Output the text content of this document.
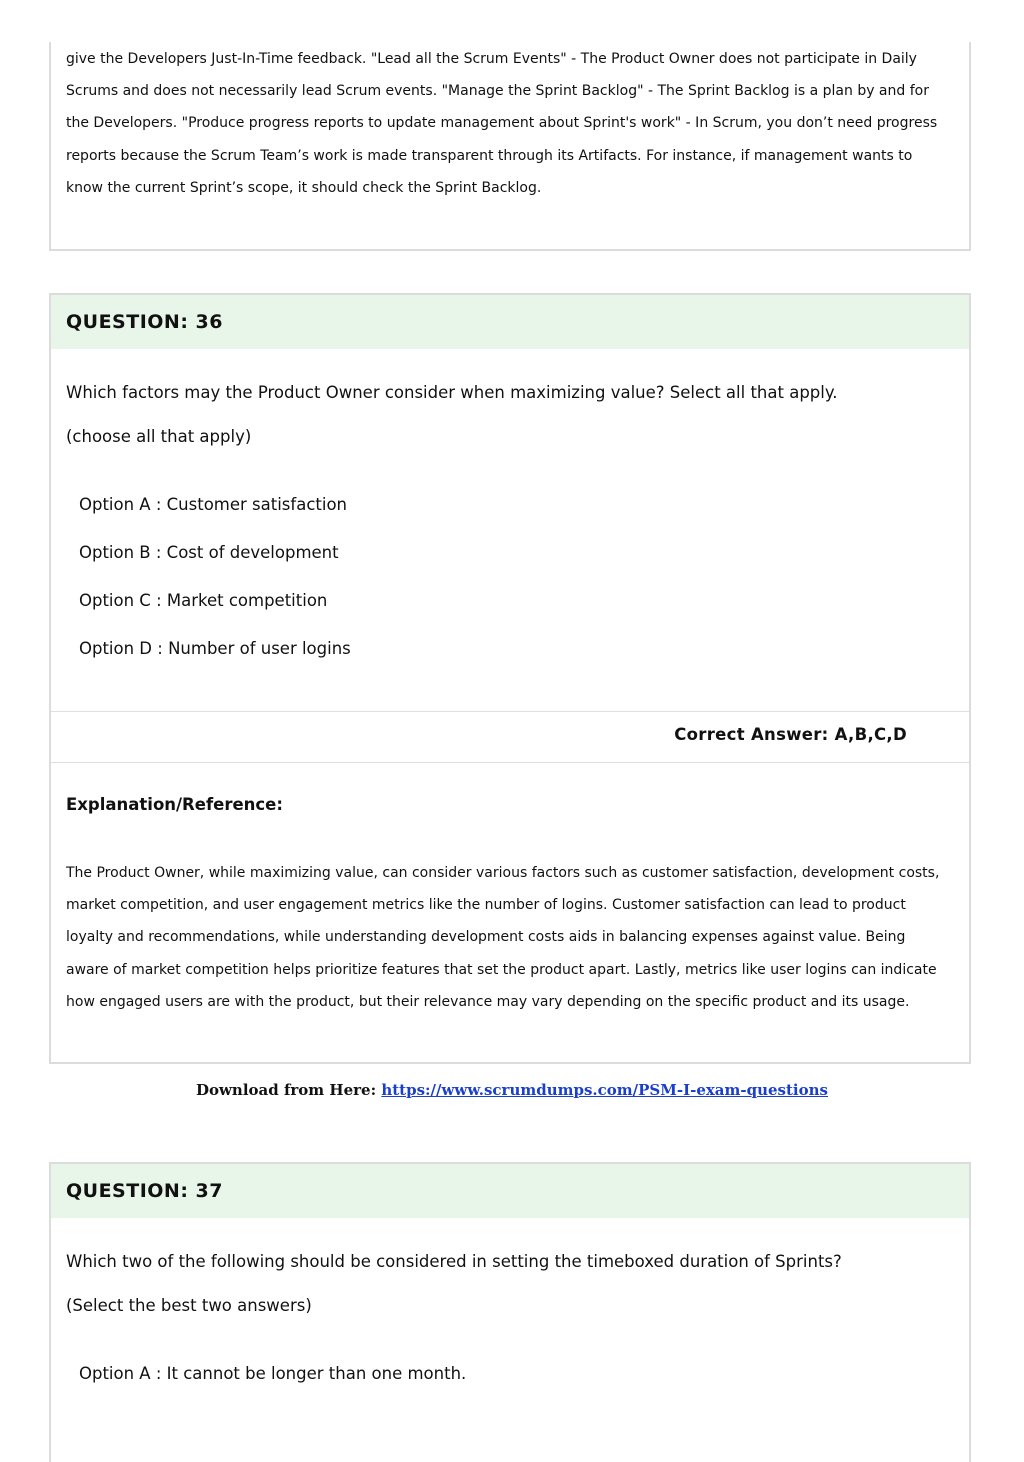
give the Developers Just-In-Time feedback. "Lead all the Scrum Events" - The Product Owner does not participate in Daily Scrums and does not necessarily lead Scrum events. "Manage the Sprint Backlog" - The Sprint Backlog is a plan by and for the Developers. "Produce progress reports to update management about Sprint's work" - In Scrum, you don’t need progress reports because the Scrum Team’s work is made transparent through its Artifacts. For instance, if management wants to know the current Sprint’s scope, it should check the Sprint Backlog.

QUESTION: 36
Which factors may the Product Owner consider when maximizing value? Select all that apply.
(choose all that apply)
Option A : Customer satisfaction
Option B : Cost of development
Option C : Market competition
Option D : Number of user logins
Correct Answer: A,B,C,D
Explanation/Reference:

The Product Owner, while maximizing value, can consider various factors such as customer satisfaction, development costs, market competition, and user engagement metrics like the number of logins. Customer satisfaction can lead to product loyalty and recommendations, while understanding development costs aids in balancing expenses against value. Being aware of market competition helps prioritize features that set the product apart. Lastly, metrics like user logins can indicate how engaged users are with the product, but their relevance may vary depending on the specific product and its usage.

Download from Here: https://www.scrumdumps.com/PSM-I-exam-questions
QUESTION: 37
Which two of the following should be considered in setting the timeboxed duration of Sprints?
(Select the best two answers)
Option A : It cannot be longer than one month.
